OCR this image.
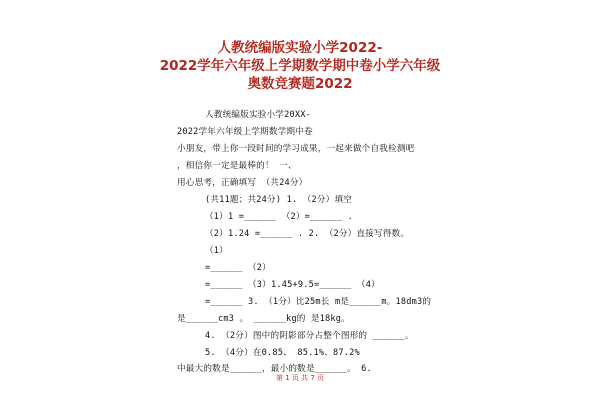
人教统编版实验小学2022-
2022学年六年级上学期数学期中卷小学六年级
奥数竞赛题2022
人教统编版实验小学20XX-
2022学年六年级上学期数学期中卷
小朋友，带上你一段时间的学习成果，一起来做个自我检测吧
，相信你一定是最棒的！ 一、
用心思考，正确填写 （共24分）
(共11题；共24分) 1. （2分）填空
（1）1 =______ （2）=______ .
（2）1.24 =______ . 2. （2分）直接写得数。
（1）
=______ （2）
=______ （3）1.45+9.5=______ （4）
=______ 3. （1分）比25m长 m是______m。18dm3的
是______cm3 。 ______kg的 是18kg。
4. （2分）图中的阴影部分占整个图形的 ______。
5. （4分）在0.85、 85.1%、87.2%
中最大的数是______，最小的数是______。 6.
第 1 页 共 7 页
